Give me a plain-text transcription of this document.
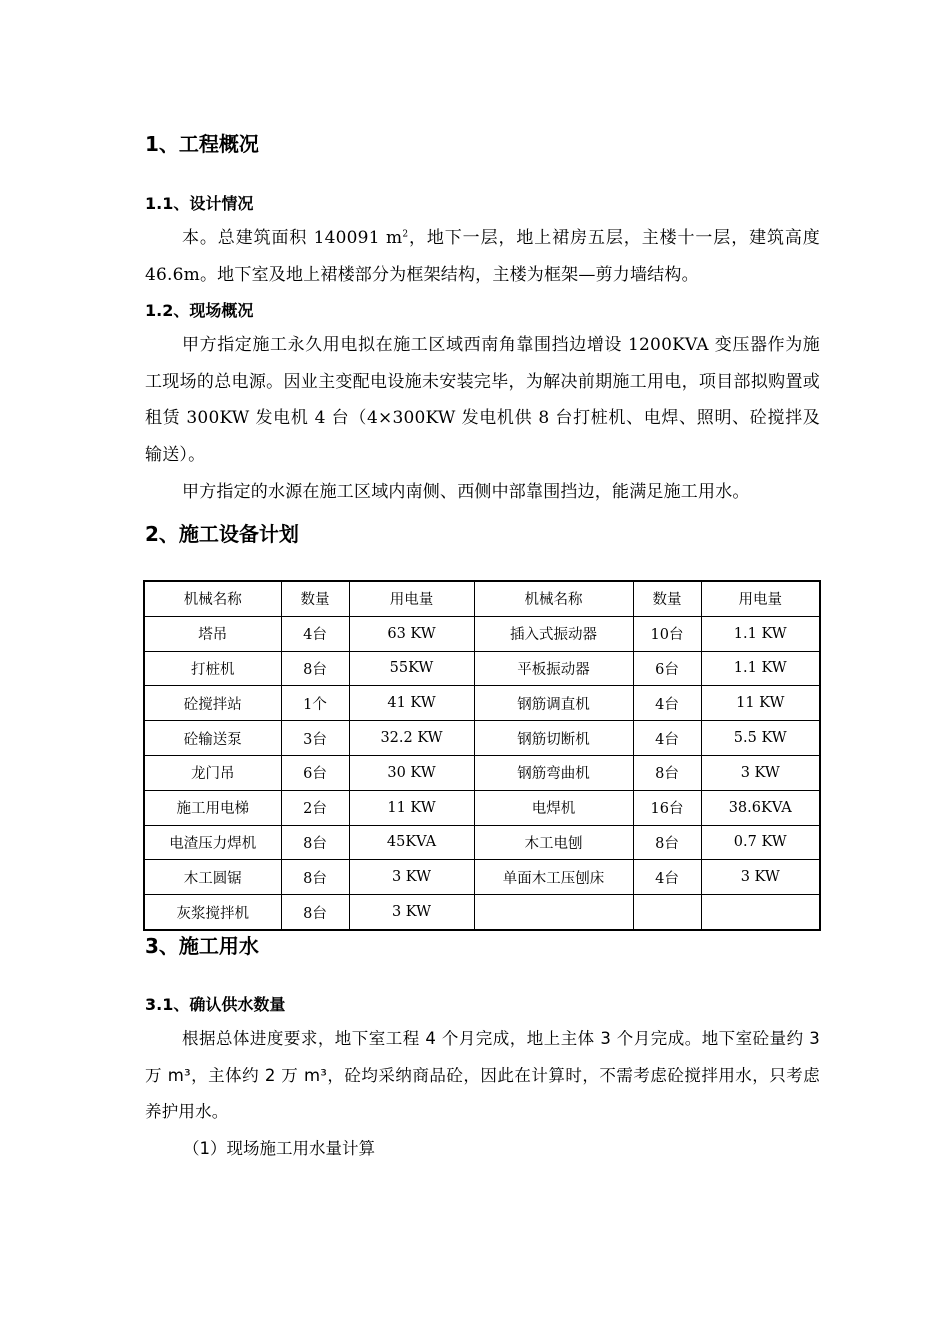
1、工程概况
1.1、设计情况

本。总建筑面积 140091 $m^2$，地下一层，地上裙房五层，主楼十一层，建筑高度 46.6m。地下室及地上裙楼部分为框架结构，主楼为框架—剪力墙结构。

1.2、现场概况

甲方指定施工永久用电拟在施工区域西南角靠围挡边增设 1200KVA 变压器作为施工现场的总电源。因业主变配电设施未安装完毕，为解决前期施工用电，项目部拟购置或租赁 300KW 发电机 4 台（4×300KW 发电机供 8 台打桩机、电焊、照明、砼搅拌及输送）。

甲方指定的水源在施工区域内南侧、西侧中部靠围挡边，能满足施工用水。

2、施工设备计划
机械名称	数量	用电量	机械名称	数量	用电量
塔吊	4台	63 KW	插入式振动器	10台	1.1 KW
打桩机	8台	55KW	平板振动器	6台	1.1 KW
砼搅拌站	1个	41 KW	钢筋调直机	4台	11 KW
砼输送泵	3台	32.2 KW	钢筋切断机	4台	5.5 KW
龙门吊	6台	30 KW	钢筋弯曲机	8台	3 KW
施工用电梯	2台	11 KW	电焊机	16台	38.6KVA
电渣压力焊机	8台	45KVA	木工电刨	8台	0.7 KW
木工圆锯	8台	3 KW	单面木工压刨床	4台	3 KW
灰浆搅拌机	8台	3 KW			
3、施工用水
3.1、确认供水数量

根据总体进度要求，地下室工程 4 个月完成，地上主体 3 个月完成。地下室砼量约 3 万 m³，主体约 2 万 m³，砼均采纳商品砼，因此在计算时，不需考虑砼搅拌用水，只考虑养护用水。

（1）现场施工用水量计算
